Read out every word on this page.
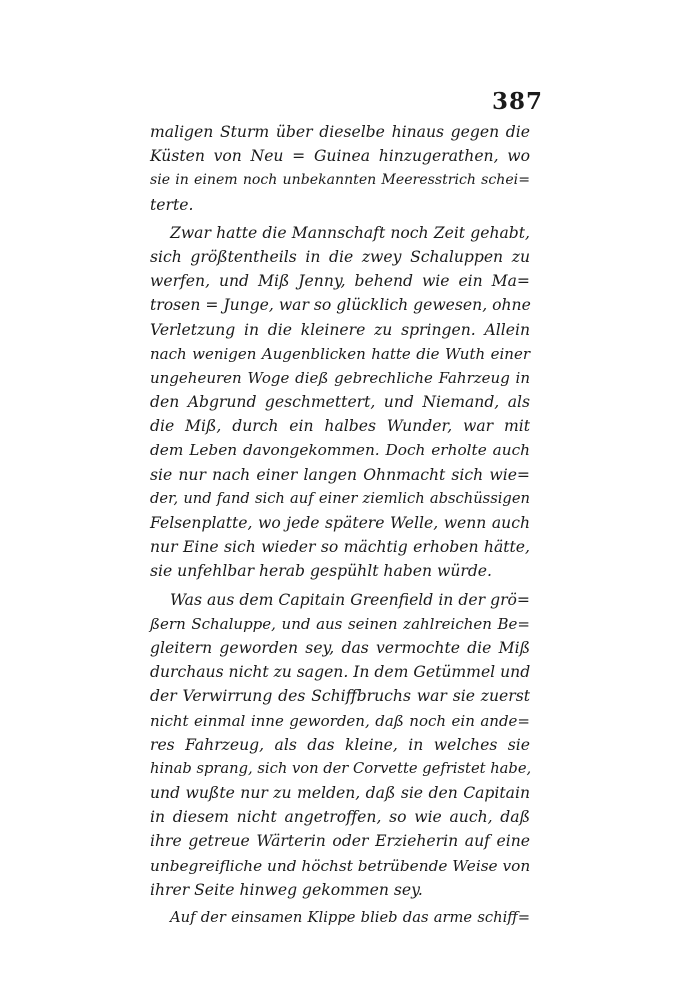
387
maligen Sturm über dieselbe hinaus gegen die
Küsten von Neu = Guinea hinzugerathen, wo
sie in einem noch unbekannten Meeresstrich schei=
terte.
Zwar hatte die Mannschaft noch Zeit gehabt,
sich größtentheils in die zwey Schaluppen zu
werfen, und Miß Jenny, behend wie ein Ma=
trosen = Junge, war so glücklich gewesen, ohne
Verletzung in die kleinere zu springen. Allein
nach wenigen Augenblicken hatte die Wuth einer
ungeheuren Woge dieß gebrechliche Fahrzeug in
den Abgrund geschmettert, und Niemand, als
die Miß, durch ein halbes Wunder, war mit
dem Leben davongekommen. Doch erholte auch
sie nur nach einer langen Ohnmacht sich wie=
der, und fand sich auf einer ziemlich abschüssigen
Felsenplatte, wo jede spätere Welle, wenn auch
nur Eine sich wieder so mächtig erhoben hätte,
sie unfehlbar herab gespühlt haben würde.
Was aus dem Capitain Greenfield in der grö=
ßern Schaluppe, und aus seinen zahlreichen Be=
gleitern geworden sey, das vermochte die Miß
durchaus nicht zu sagen. In dem Getümmel und
der Verwirrung des Schiffbruchs war sie zuerst
nicht einmal inne geworden, daß noch ein ande=
res Fahrzeug, als das kleine, in welches sie
hinab sprang, sich von der Corvette gefristet habe,
und wußte nur zu melden, daß sie den Capitain
in diesem nicht angetroffen, so wie auch, daß
ihre getreue Wärterin oder Erzieherin auf eine
unbegreifliche und höchst betrübende Weise von
ihrer Seite hinweg gekommen sey.
Auf der einsamen Klippe blieb das arme schiff=
